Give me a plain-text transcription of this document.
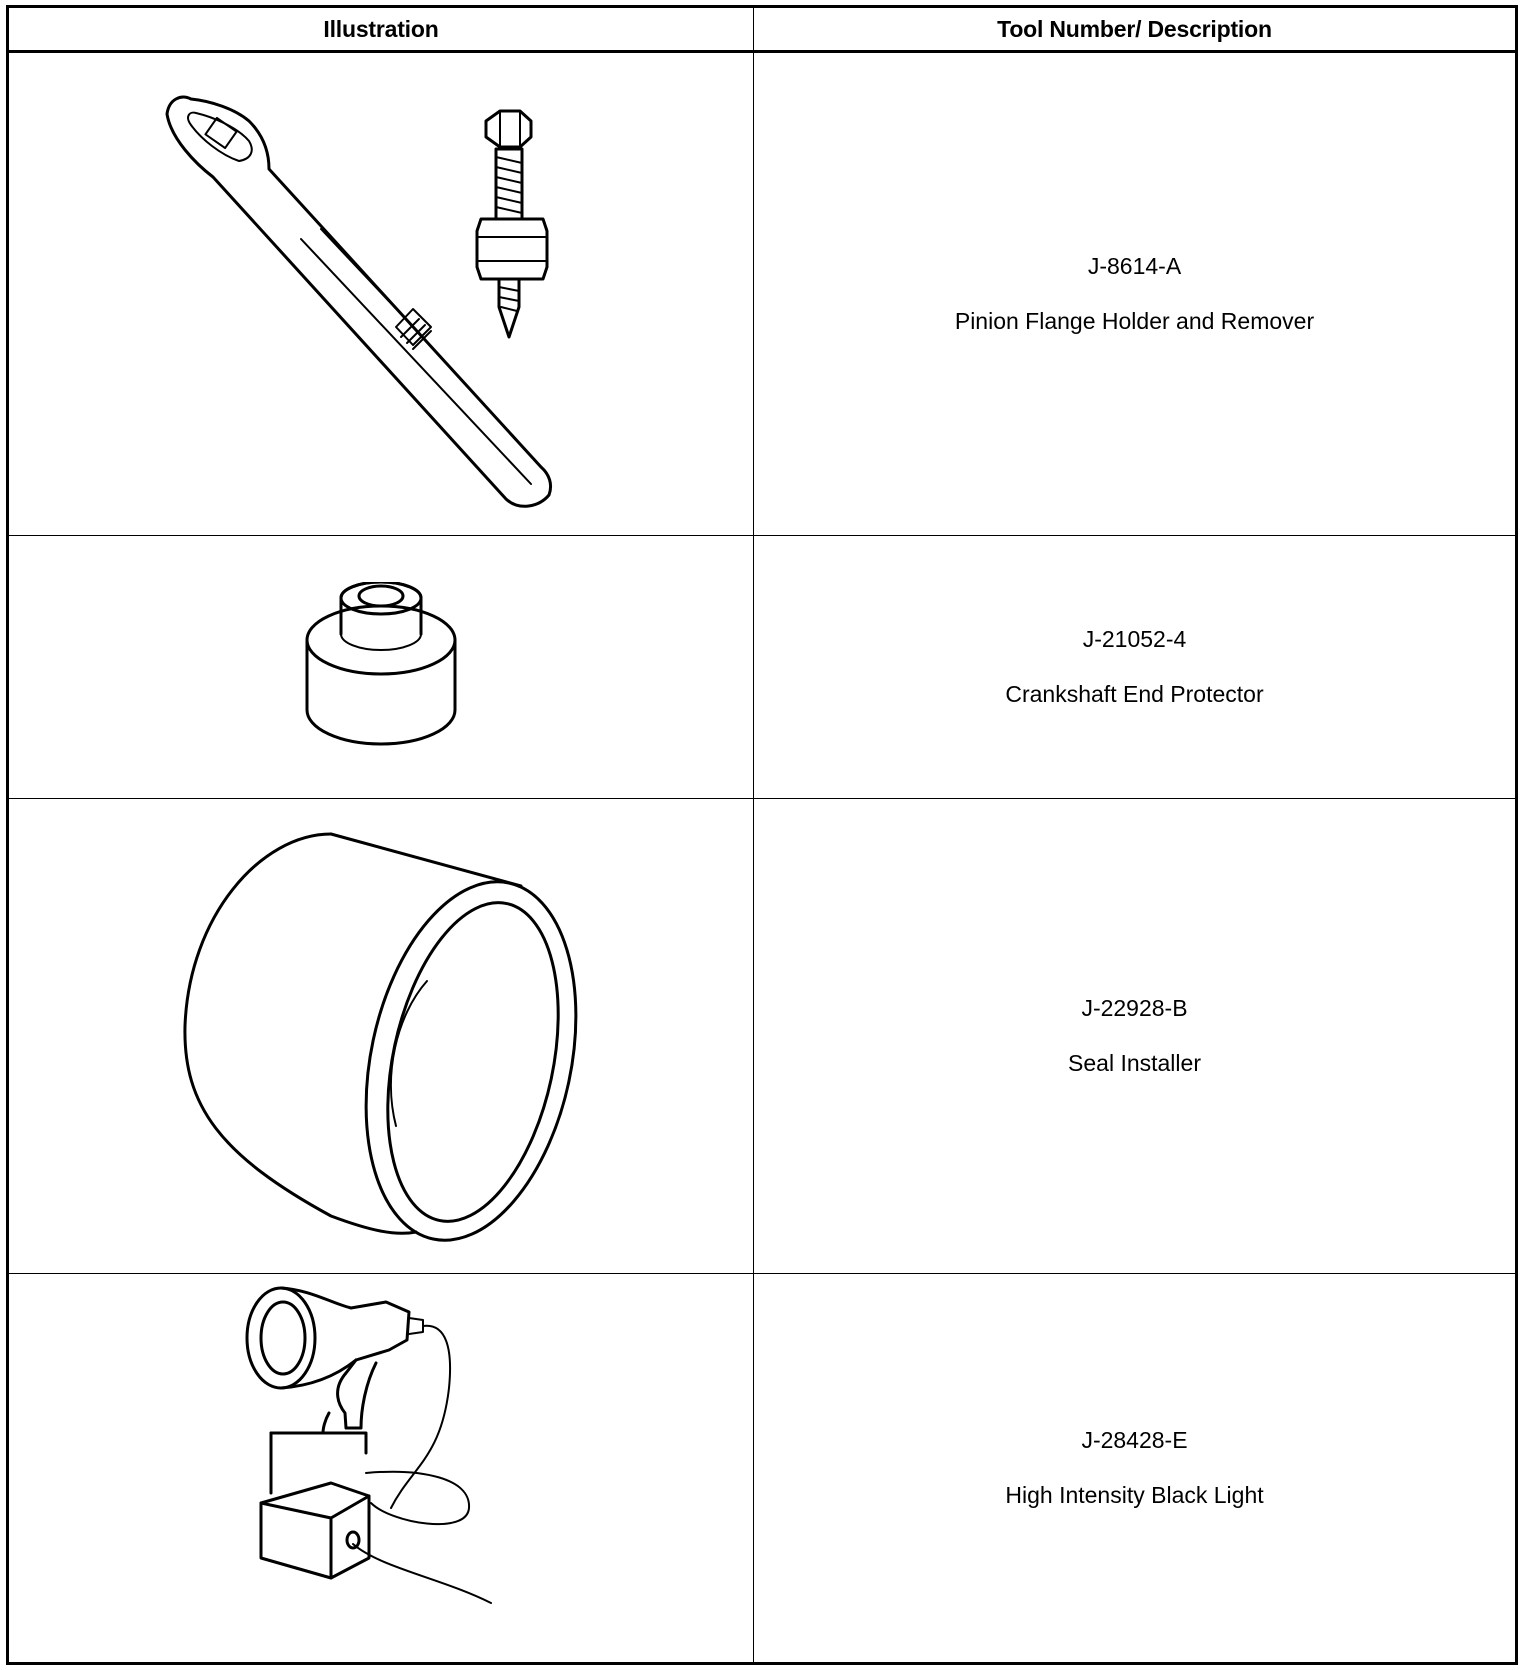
Illustration	Tool Number/ Description

J-8614-A
Pinion Flange Holder and Remover

J-21052-4
Crankshaft End Protector

J-22928-B
Seal Installer

J-28428-E
High Intensity Black Light
